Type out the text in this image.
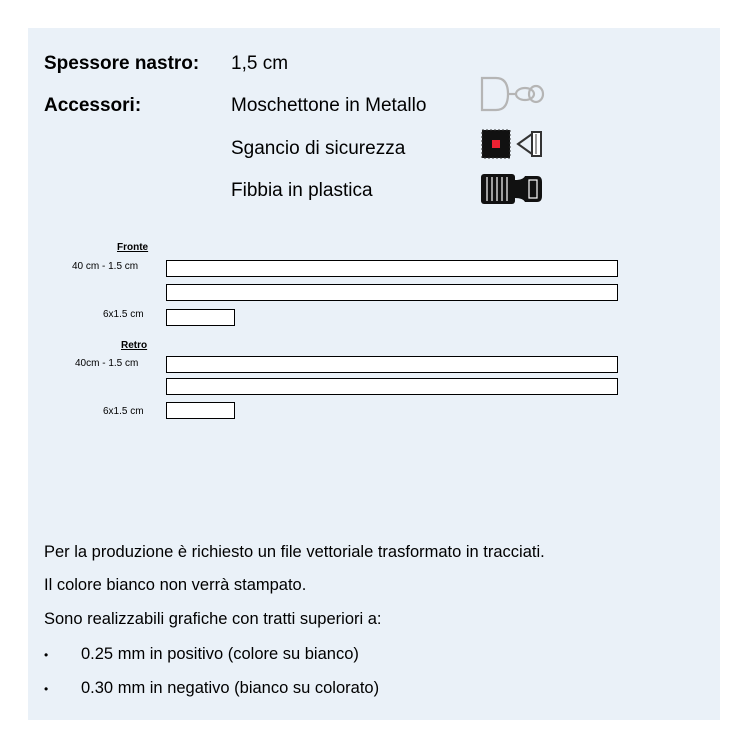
Spessore nastro: 1,5 cm
Accessori:	Moschettone in Metallo
Sgancio di sicurezza
Fibbia in plastica
Fronte
40 cm - 1.5 cm
6x1.5 cm
Retro
40cm - 1.5 cm
6x1.5 cm
Per la produzione è richiesto un file vettoriale trasformato in tracciati.
Il colore bianco non verrà stampato.
Sono realizzabili grafiche con tratti superiori a:
• 0.25 mm in positivo (colore su bianco)
• 0.30 mm in negativo (bianco su colorato)
